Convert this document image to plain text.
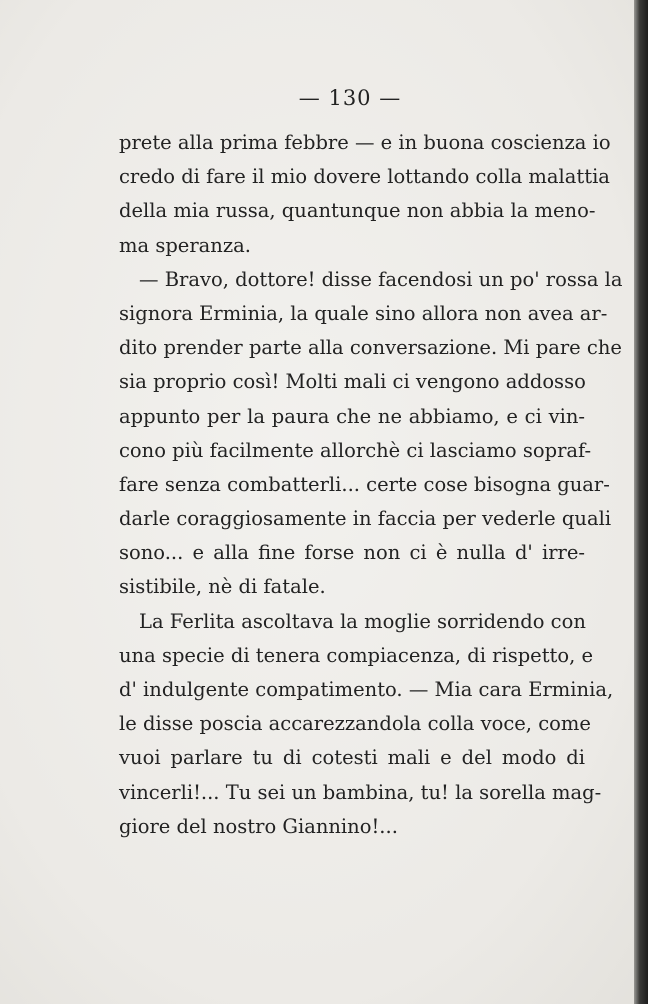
— 130 —
prete alla prima febbre — e in buona coscienza io
credo di fare il mio dovere lottando colla malattia
della mia russa, quantunque non abbia la meno-
ma speranza.
— Bravo, dottore! disse facendosi un po' rossa la
signora Erminia, la quale sino allora non avea ar-
dito prender parte alla conversazione. Mi pare che
sia proprio così! Molti mali ci vengono addosso
appunto per la paura che ne abbiamo, e ci vin-
cono più facilmente allorchè ci lasciamo sopraf-
fare senza combatterli... certe cose bisogna guar-
darle coraggiosamente in faccia per vederle quali
sono... e alla fine forse non ci è nulla d' irre-
sistibile, nè di fatale.
La Ferlita ascoltava la moglie sorridendo con
una specie di tenera compiacenza, di rispetto, e
d' indulgente compatimento. — Mia cara Erminia,
le disse poscia accarezzandola colla voce, come
vuoi parlare tu di cotesti mali e del modo di
vincerli!... Tu sei un bambina, tu! la sorella mag-
giore del nostro Giannino!...
